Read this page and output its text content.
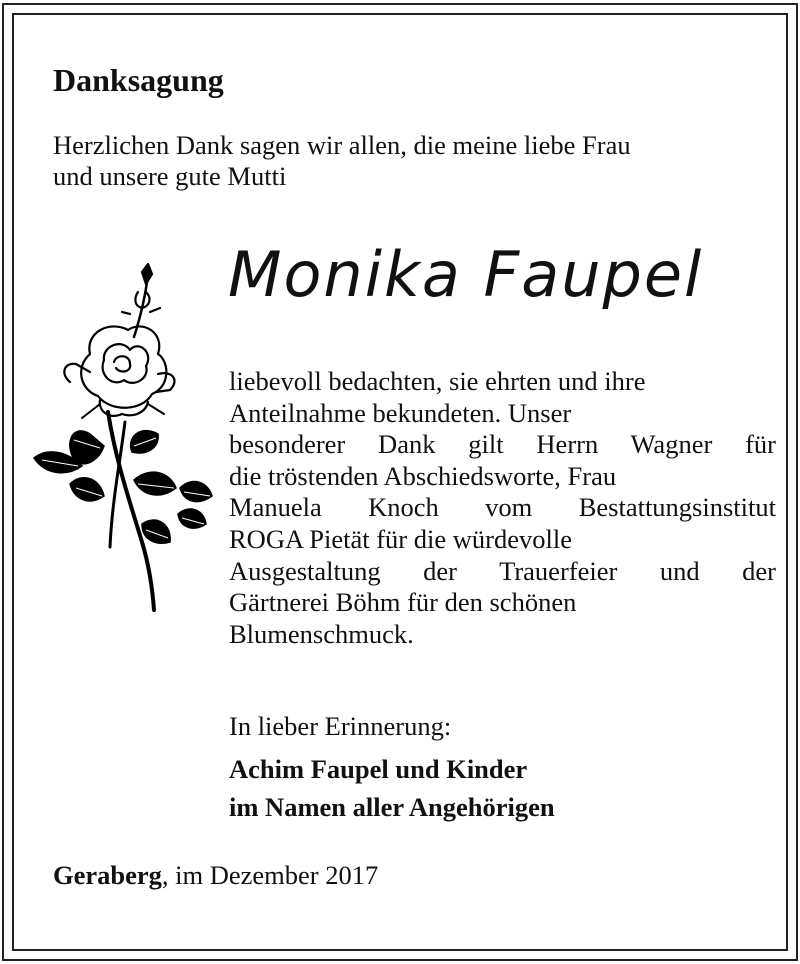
Danksagung

Herzlichen Dank sagen wir allen, die meine liebe Frau
und unsere gute Mutti

Monika Faupel

liebevoll bedachten, sie ehrten und ihre
Anteilnahme bekundeten. Unser
besonderer Dank gilt Herrn Wagner für
die tröstenden Abschiedsworte, Frau
Manuela Knoch vom Bestattungsinstitut
ROGA Pietät für die würdevolle
Ausgestaltung der Trauerfeier und der
Gärtnerei Böhm für den schönen
Blumenschmuck.

In lieber Erinnerung:

Achim Faupel und Kinder
im Namen aller Angehörigen

Geraberg, im Dezember 2017
